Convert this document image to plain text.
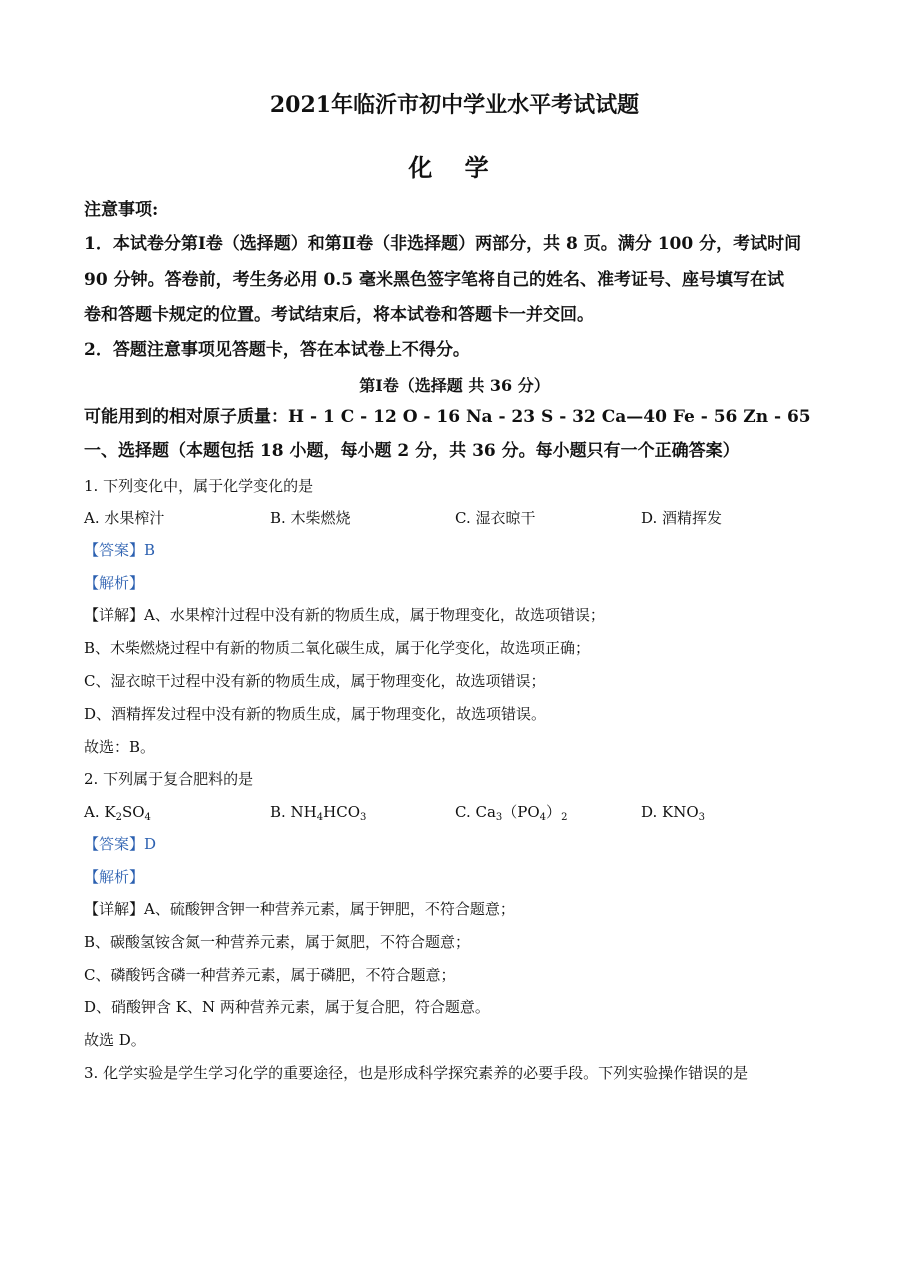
2021年临沂市初中学业水平考试试题
化 学
注意事项:
1．本试卷分第Ⅰ卷（选择题）和第Ⅱ卷（非选择题）两部分，共 8 页。满分 100 分，考试时间
90 分钟。答卷前，考生务必用 0.5 毫米黑色签字笔将自己的姓名、准考证号、座号填写在试
卷和答题卡规定的位置。考试结束后，将本试卷和答题卡一并交回。
2．答题注意事项见答题卡，答在本试卷上不得分。
第Ⅰ卷（选择题 共 36 分）
可能用到的相对原子质量：H - 1 C - 12 O - 16 Na - 23 S - 32 Ca—40 Fe - 56 Zn - 65
一、选择题（本题包括 18 小题，每小题 2 分，共 36 分。每小题只有一个正确答案）
1. 下列变化中，属于化学变化的是
A. 水果榨汁	B. 木柴燃烧	C. 湿衣晾干	D. 酒精挥发
【答案】B
【解析】
【详解】A、水果榨汁过程中没有新的物质生成，属于物理变化，故选项错误；
B、木柴燃烧过程中有新的物质二氧化碳生成，属于化学变化，故选项正确；
C、湿衣晾干过程中没有新的物质生成，属于物理变化，故选项错误；
D、酒精挥发过程中没有新的物质生成，属于物理变化，故选项错误。
故选：B。
2. 下列属于复合肥料的是
A. $K_2SO_4$	B. $NH_4HCO_3$	C. $Ca_3(PO_4)_2$	D. $KNO_3$
【答案】D
【解析】
【详解】A、硫酸钾含钾一种营养元素，属于钾肥，不符合题意；
B、碳酸氢铵含氮一种营养元素，属于氮肥，不符合题意；
C、磷酸钙含磷一种营养元素，属于磷肥，不符合题意；
D、硝酸钾含 K、N 两种营养元素，属于复合肥，符合题意。
故选 D。
3. 化学实验是学生学习化学的重要途径，也是形成科学探究素养的必要手段。下列实验操作错误的是
